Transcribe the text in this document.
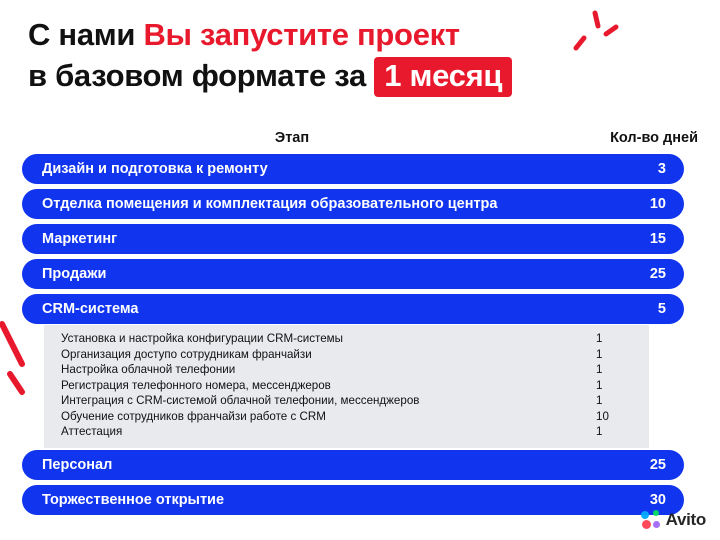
С нами Вы запустите проект
в базовом формате за 1 месяц
Этап	Кол-во дней
Дизайн и подготовка к ремонту	3
Отделка помещения и комплектация образовательного центра	10
Маркетинг	15
Продажи	25
CRM-система	5
Установка и настройка конфигурации CRM-системы	1
Организация доступо сотрудникам франчайзи	1
Настройка облачной телефонии	1
Регистрация телефонного номера, мессенджеров	1
Интеграция с CRM-системой облачной телефонии, мессенджеров	1
Обучение сотрудников франчайзи работе с CRM	10
Аттестация	1
Персонал	25
Торжественное открытие	30
Avito
